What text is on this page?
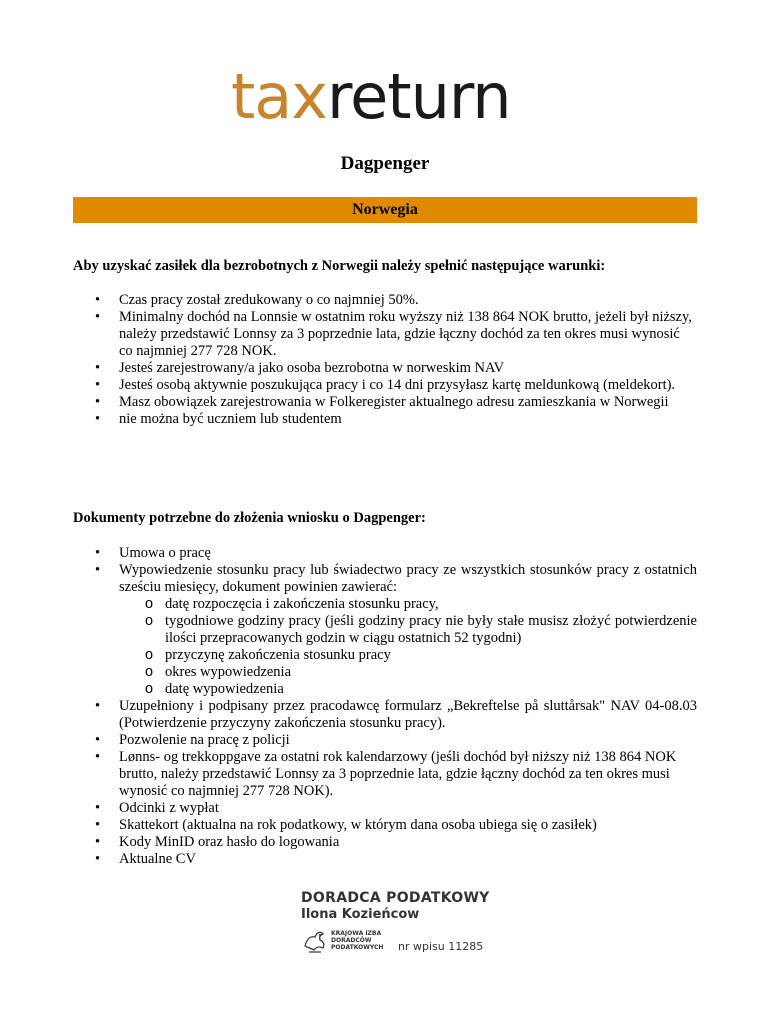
taxreturn
Dagpenger
Norwegia
Aby uzyskać zasiłek dla bezrobotnych z Norwegii należy spełnić następujące warunki:
• Czas pracy został zredukowany o co najmniej 50%.
• Minimalny dochód na Lonnsie w ostatnim roku wyższy niż 138 864 NOK brutto, jeżeli był niższy, należy przedstawić Lonnsy za 3 poprzednie lata, gdzie łączny dochód za ten okres musi wynosić co najmniej 277 728 NOK.
• Jesteś zarejestrowany/a jako osoba bezrobotna w norweskim NAV
• Jesteś osobą aktywnie poszukująca pracy i co 14 dni przysyłasz kartę meldunkową (meldekort).
• Masz obowiązek zarejestrowania w Folkeregister aktualnego adresu zamieszkania w Norwegii
• nie można być uczniem lub studentem
Dokumenty potrzebne do złożenia wniosku o Dagpenger:
• Umowa o pracę
• Wypowiedzenie stosunku pracy lub świadectwo pracy ze wszystkich stosunków pracy z ostatnich sześciu miesięcy, dokument powinien zawierać:
o datę rozpoczęcia i zakończenia stosunku pracy,
o tygodniowe godziny pracy (jeśli godziny pracy nie były stałe musisz złożyć potwierdzenie ilości przepracowanych godzin w ciągu ostatnich 52 tygodni)
o przyczynę zakończenia stosunku pracy
o okres wypowiedzenia
o datę wypowiedzenia
• Uzupełniony i podpisany przez pracodawcę formularz „Bekreftelse på sluttårsak" NAV 04-08.03 (Potwierdzenie przyczyny zakończenia stosunku pracy).
• Pozwolenie na pracę z policji
• Lønns- og trekkoppgave za ostatni rok kalendarzowy (jeśli dochód był niższy niż 138 864 NOK brutto, należy przedstawić Lonnsy za 3 poprzednie lata, gdzie łączny dochód za ten okres musi wynosić co najmniej 277 728 NOK).
• Odcinki z wypłat
• Skattekort (aktualna na rok podatkowy, w którym dana osoba ubiega się o zasiłek)
• Kody MinID oraz hasło do logowania
• Aktualne CV
DORADCA PODATKOWY
Ilona Kozieńcow
KRAJOWA IZBA
DORADCÓW
PODATKOWYCH	nr wpisu 11285
